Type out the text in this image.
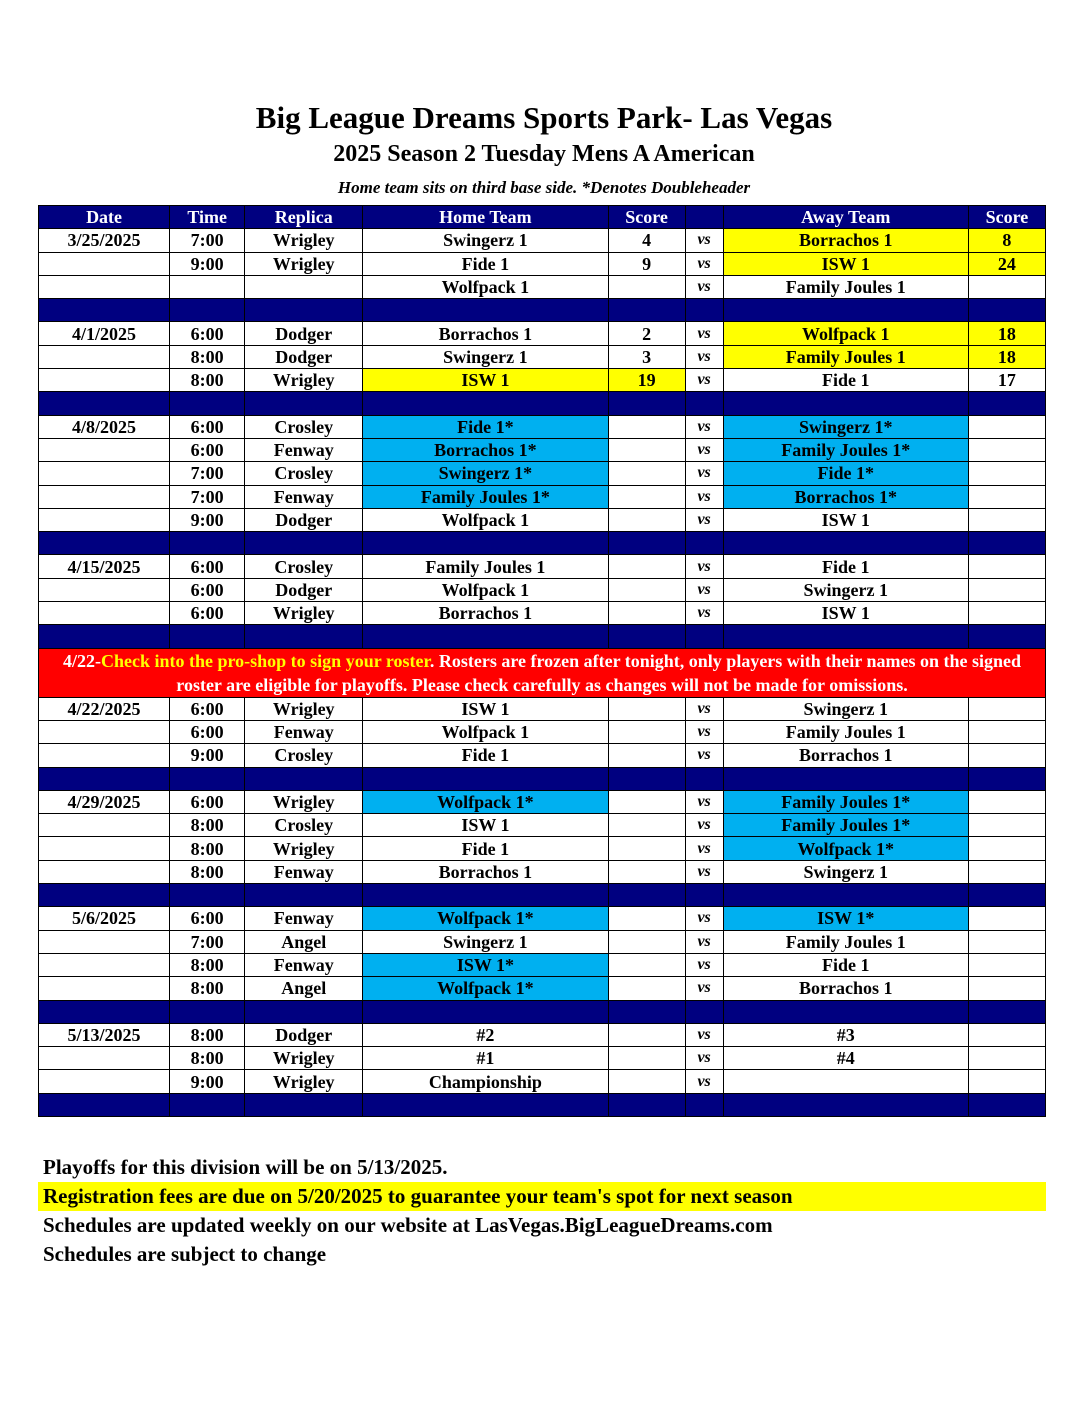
Big League Dreams Sports Park- Las Vegas
2025 Season 2 Tuesday Mens A American
Home team sits on third base side. *Denotes Doubleheader
Date	Time	Replica	Home Team	Score		Away Team	Score
3/25/2025	7:00	Wrigley	Swingerz 1	4	vs	Borrachos 1	8
	9:00	Wrigley	Fide 1	9	vs	ISW 1	24
			Wolfpack 1		vs	Family Joules 1	

4/1/2025	6:00	Dodger	Borrachos 1	2	vs	Wolfpack 1	18
	8:00	Dodger	Swingerz 1	3	vs	Family Joules 1	18
	8:00	Wrigley	ISW 1	19	vs	Fide 1	17

4/8/2025	6:00	Crosley	Fide 1*		vs	Swingerz 1*	
	6:00	Fenway	Borrachos 1*		vs	Family Joules 1*	
	7:00	Crosley	Swingerz 1*		vs	Fide 1*	
	7:00	Fenway	Family Joules 1*		vs	Borrachos 1*	
	9:00	Dodger	Wolfpack 1		vs	ISW 1	

4/15/2025	6:00	Crosley	Family Joules 1		vs	Fide 1	
	6:00	Dodger	Wolfpack 1		vs	Swingerz 1	
	6:00	Wrigley	Borrachos 1		vs	ISW 1	

4/22-Check into the pro-shop to sign your roster. Rosters are frozen after tonight, only players with their names on the signed roster are eligible for playoffs. Please check carefully as changes will not be made for omissions.							
4/22/2025	6:00	Wrigley	ISW 1		vs	Swingerz 1	
	6:00	Fenway	Wolfpack 1		vs	Family Joules 1	
	9:00	Crosley	Fide 1		vs	Borrachos 1	

4/29/2025	6:00	Wrigley	Wolfpack 1*		vs	Family Joules 1*	
	8:00	Crosley	ISW 1		vs	Family Joules 1*	
	8:00	Wrigley	Fide 1		vs	Wolfpack 1*	
	8:00	Fenway	Borrachos 1		vs	Swingerz 1	

5/6/2025	6:00	Fenway	Wolfpack 1*		vs	ISW 1*	
	7:00	Angel	Swingerz 1		vs	Family Joules 1	
	8:00	Fenway	ISW 1*		vs	Fide 1	
	8:00	Angel	Wolfpack 1*		vs	Borrachos 1	

5/13/2025	8:00	Dodger	#2		vs	#3	
	8:00	Wrigley	#1		vs	#4	
	9:00	Wrigley	Championship		vs		

Playoffs for this division will be on 5/13/2025.
Registration fees are due on 5/20/2025 to guarantee your team's spot for next season
Schedules are updated weekly on our website at LasVegas.BigLeagueDreams.com
Schedules are subject to change
